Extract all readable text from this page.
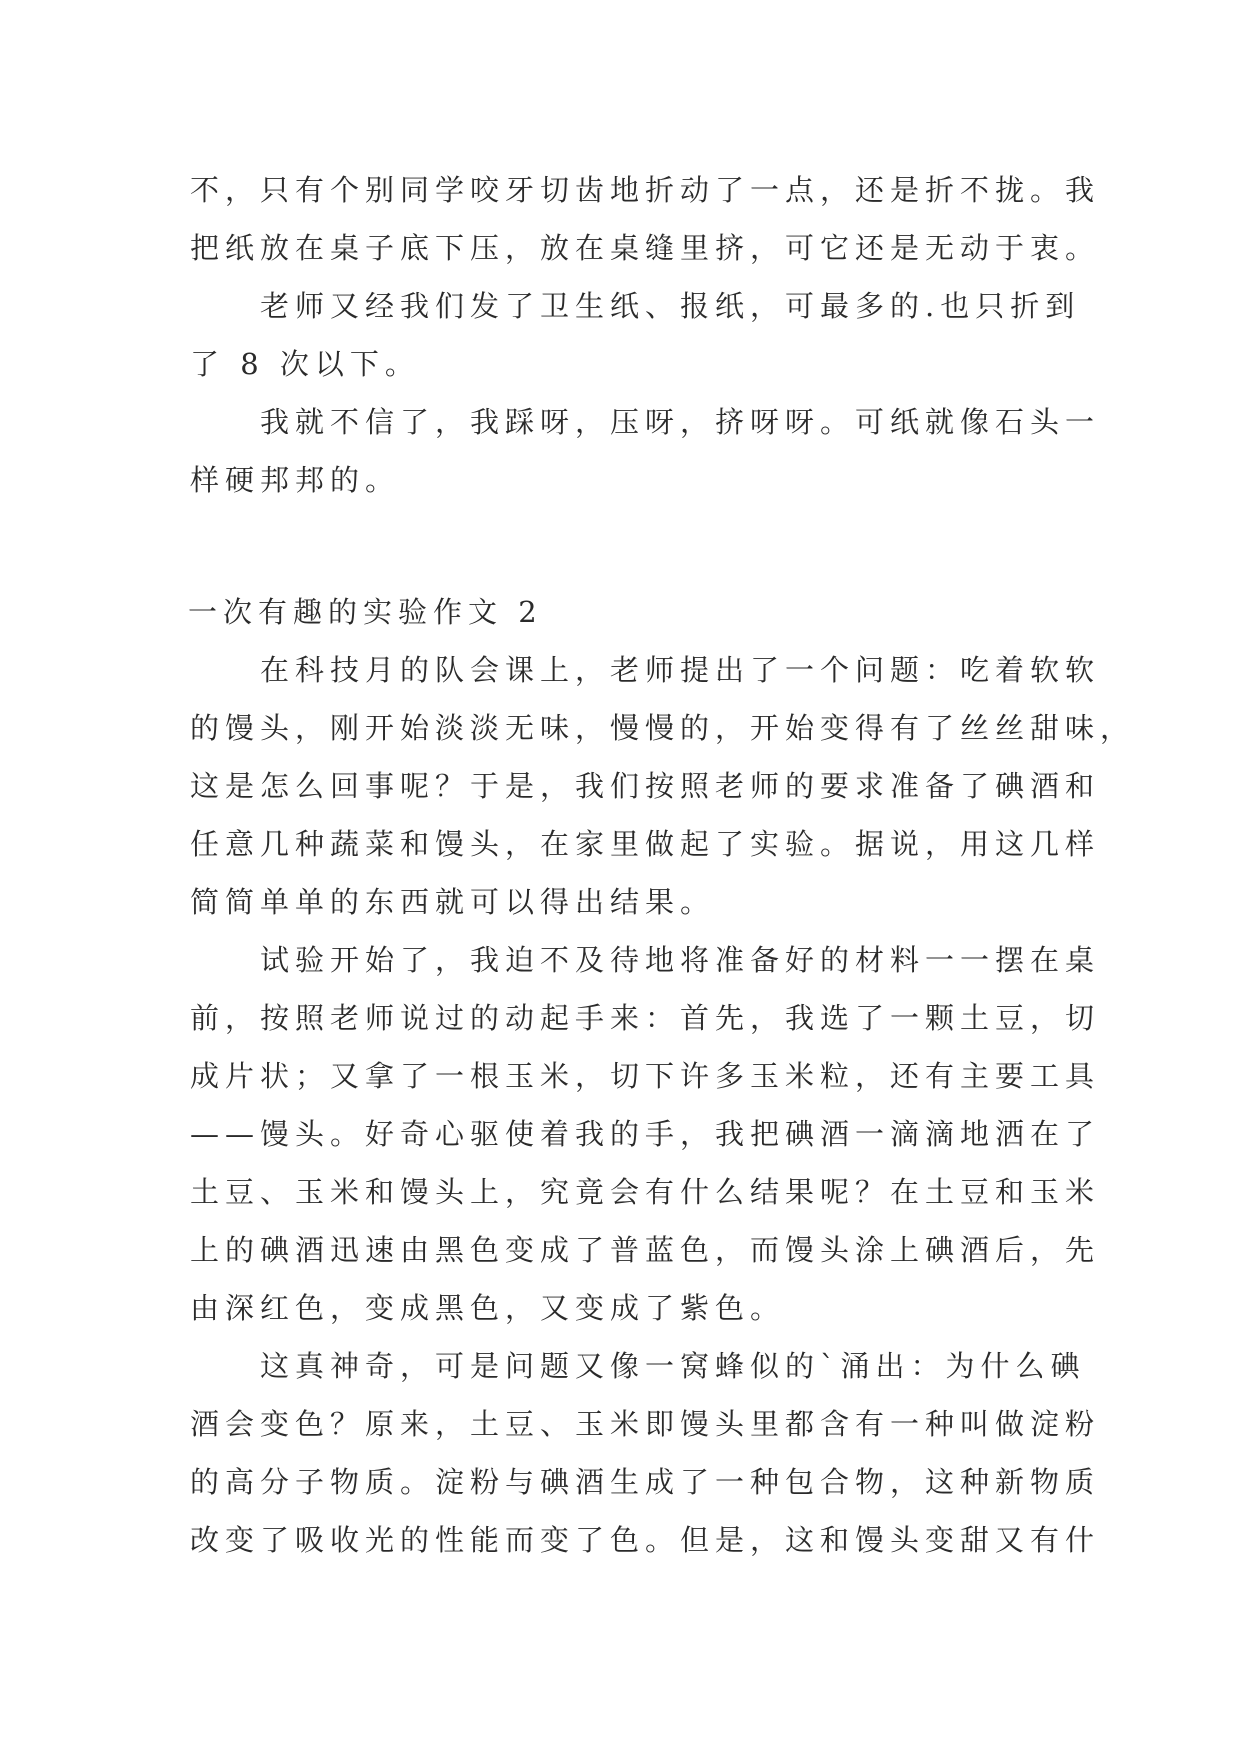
不，只有个别同学咬牙切齿地折动了一点，还是折不拢。我
把纸放在桌子底下压，放在桌缝里挤，可它还是无动于衷。
老师又经我们发了卫生纸、报纸，可最多的.也只折到
了 8 次以下。
我就不信了，我踩呀，压呀，挤呀呀。可纸就像石头一
样硬邦邦的。
一次有趣的实验作文 2
在科技月的队会课上，老师提出了一个问题：吃着软软
的馒头，刚开始淡淡无味，慢慢的，开始变得有了丝丝甜味，
这是怎么回事呢？于是，我们按照老师的要求准备了碘酒和
任意几种蔬菜和馒头，在家里做起了实验。据说，用这几样
简简单单的东西就可以得出结果。
试验开始了，我迫不及待地将准备好的材料一一摆在桌
前，按照老师说过的动起手来：首先，我选了一颗土豆，切
成片状；又拿了一根玉米，切下许多玉米粒，还有主要工具
——馒头。好奇心驱使着我的手，我把碘酒一滴滴地洒在了
土豆、玉米和馒头上，究竟会有什么结果呢？在土豆和玉米
上的碘酒迅速由黑色变成了普蓝色，而馒头涂上碘酒后，先
由深红色，变成黑色，又变成了紫色。
这真神奇，可是问题又像一窝蜂似的`涌出：为什么碘
酒会变色？原来，土豆、玉米即馒头里都含有一种叫做淀粉
的高分子物质。淀粉与碘酒生成了一种包合物，这种新物质
改变了吸收光的性能而变了色。但是，这和馒头变甜又有什
